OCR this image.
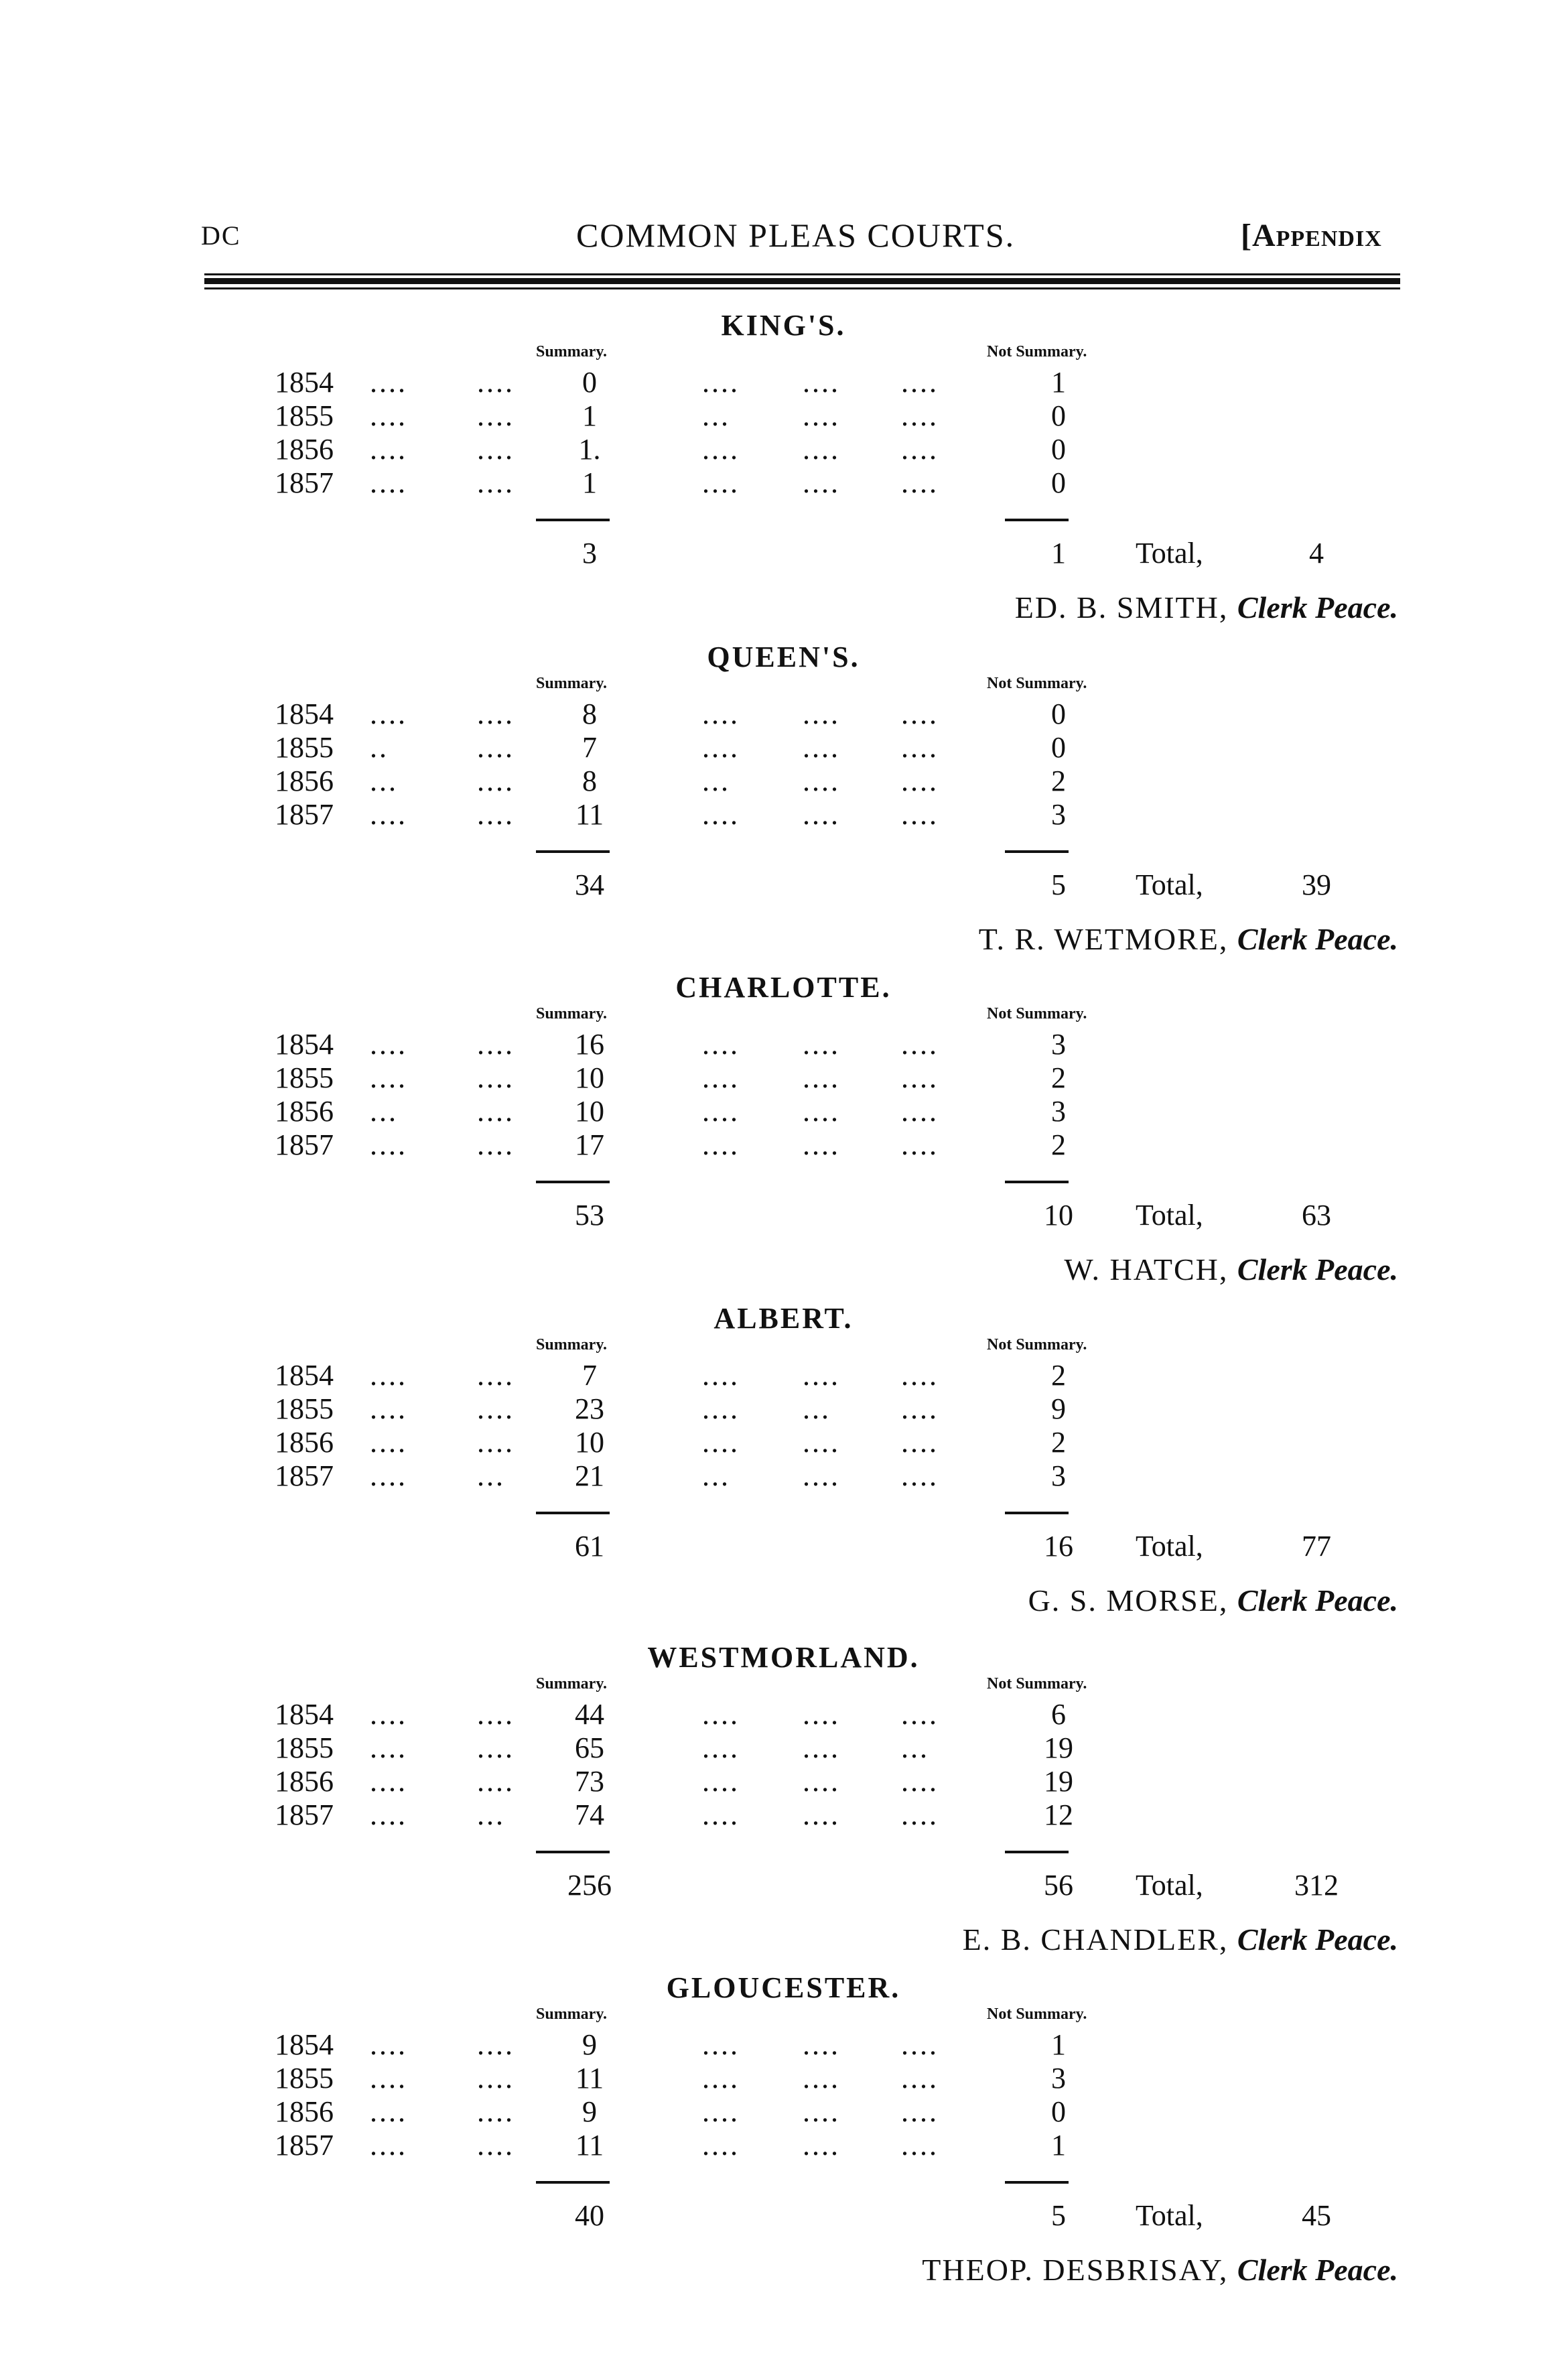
DC	COMMON PLEAS COURTS.	[Appendix
KING'S.
Summary.	Not Summary.
1854 .... ....	0	.... .... ....	1
1855 .... ....	1	... .... ....	0
1856 .... ....	1.	.... .... ....	0
1857 .... ....	1	.... .... ....	0
3	1	Total,	4
ED. B. SMITH, Clerk Peace.
QUEEN'S.
Summary.	Not Summary.
1854 .... ....	8	.... .... ....	0
1855 ..	....	7	.... .... ....	0
1856 ...	....	8	... .... ....	2
1857 .... ....	11	.... .... ....	3
34	5	Total,	39
T. R. WETMORE, Clerk Peace.
CHARLOTTE.
Summary.	Not Summary.
1854 .... ....	16	.... .... ....	3
1855 .... ....	10	.... .... ....	2
1856 ...	....	10	.... .... ....	3
1857 .... ....	17	.... .... ....	2
53	10	Total,	63
W. HATCH, Clerk Peace.
ALBERT.
Summary.	Not Summary.
1854 .... ....	7	.... .... ....	2
1855 .... ....	23	.... ... ....	9
1856 .... ....	10	.... .... ....	2
1857 .... ...	21	... .... ....	3
61	16	Total,	77
G. S. MORSE, Clerk Peace.
WESTMORLAND.
Summary.	Not Summary.
1854 .... ....	44	.... .... ....	6
1855 .... ....	65	.... .... ...	19
1856 .... ....	73	.... .... ....	19
1857 .... ...	74	.... .... ....	12
256	56	Total,	312
E. B. CHANDLER, Clerk Peace.
GLOUCESTER.
Summary.	Not Summary.
1854 .... ....	9	.... .... ....	1
1855 .... ....	11	.... .... ....	3
1856 .... ....	9	.... .... ....	0
1857 .... ....	11	.... .... ....	1
40	5	Total,	45
THEOP. DESBRISAY, Clerk Peace.
